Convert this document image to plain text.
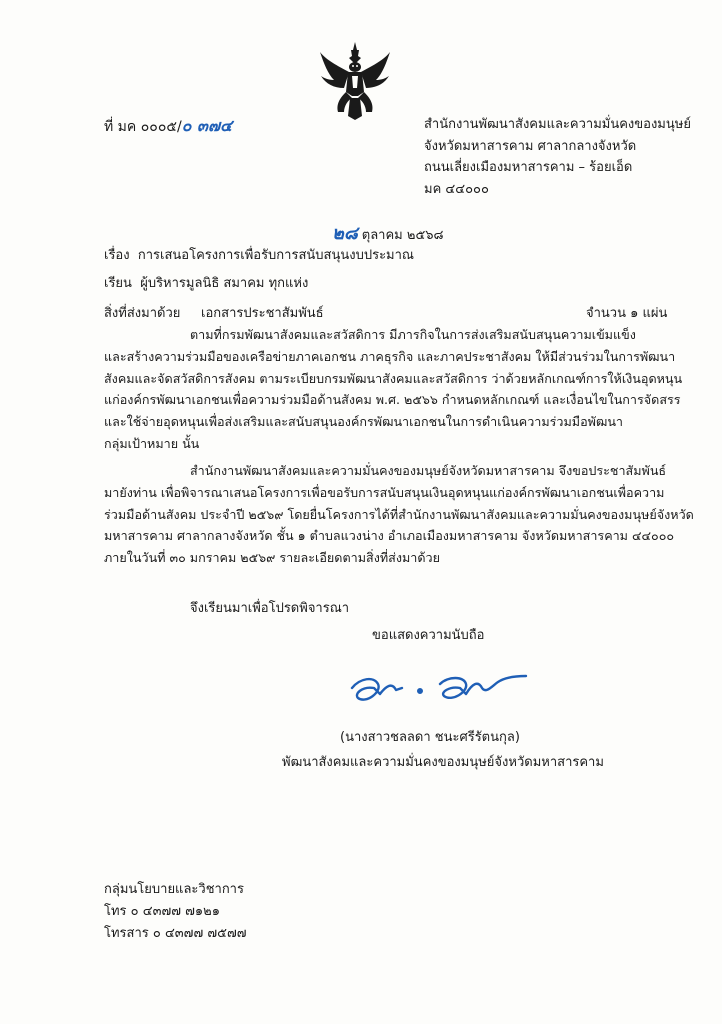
ที่ มค ๐๐๐๕/๐ ๓๗๔	สำนักงานพัฒนาสังคมและความมั่นคงของมนุษย์
จังหวัดมหาสารคาม ศาลากลางจังหวัด
ถนนเลี่ยงเมืองมหาสารคาม – ร้อยเอ็ด
มค ๔๔๐๐๐
๒๘ ตุลาคม ๒๕๖๘
เรื่อง การเสนอโครงการเพื่อรับการสนับสนุนงบประมาณ
เรียน ผู้บริหารมูลนิธิ สมาคม ทุกแห่ง
สิ่งที่ส่งมาด้วย เอกสารประชาสัมพันธ์	จำนวน ๑ แผ่น
ตามที่กรมพัฒนาสังคมและสวัสดิการ มีภารกิจในการส่งเสริมสนับสนุนความเข้มแข็ง
และสร้างความร่วมมือของเครือข่ายภาคเอกชน ภาคธุรกิจ และภาคประชาสังคม ให้มีส่วนร่วมในการพัฒนา
สังคมและจัดสวัสดิการสังคม ตามระเบียบกรมพัฒนาสังคมและสวัสดิการ ว่าด้วยหลักเกณฑ์การให้เงินอุดหนุน
แก่องค์กรพัฒนาเอกชนเพื่อความร่วมมือด้านสังคม พ.ศ. ๒๕๖๖ กำหนดหลักเกณฑ์ และเงื่อนไขในการจัดสรร
และใช้จ่ายอุดหนุนเพื่อส่งเสริมและสนับสนุนองค์กรพัฒนาเอกชนในการดำเนินความร่วมมือพัฒนา
กลุ่มเป้าหมาย นั้น
สำนักงานพัฒนาสังคมและความมั่นคงของมนุษย์จังหวัดมหาสารคาม จึงขอประชาสัมพันธ์
มายังท่าน เพื่อพิจารณาเสนอโครงการเพื่อขอรับการสนับสนุนเงินอุดหนุนแก่องค์กรพัฒนาเอกชนเพื่อความ
ร่วมมือด้านสังคม ประจำปี ๒๕๖๙ โดยยื่นโครงการได้ที่สำนักงานพัฒนาสังคมและความมั่นคงของมนุษย์จังหวัด
มหาสารคาม ศาลากลางจังหวัด ชั้น ๑ ตำบลแวงน่าง อำเภอเมืองมหาสารคาม จังหวัดมหาสารคาม ๔๔๐๐๐
ภายในวันที่ ๓๐ มกราคม ๒๕๖๙ รายละเอียดตามสิ่งที่ส่งมาด้วย
จึงเรียนมาเพื่อโปรดพิจารณา
ขอแสดงความนับถือ
(นางสาวชลลดา ชนะศรีรัตนกุล)
พัฒนาสังคมและความมั่นคงของมนุษย์จังหวัดมหาสารคาม
กลุ่มนโยบายและวิชาการ
โทร ๐ ๔๓๗๗ ๗๑๒๑
โทรสาร ๐ ๔๓๗๗ ๗๕๗๗
